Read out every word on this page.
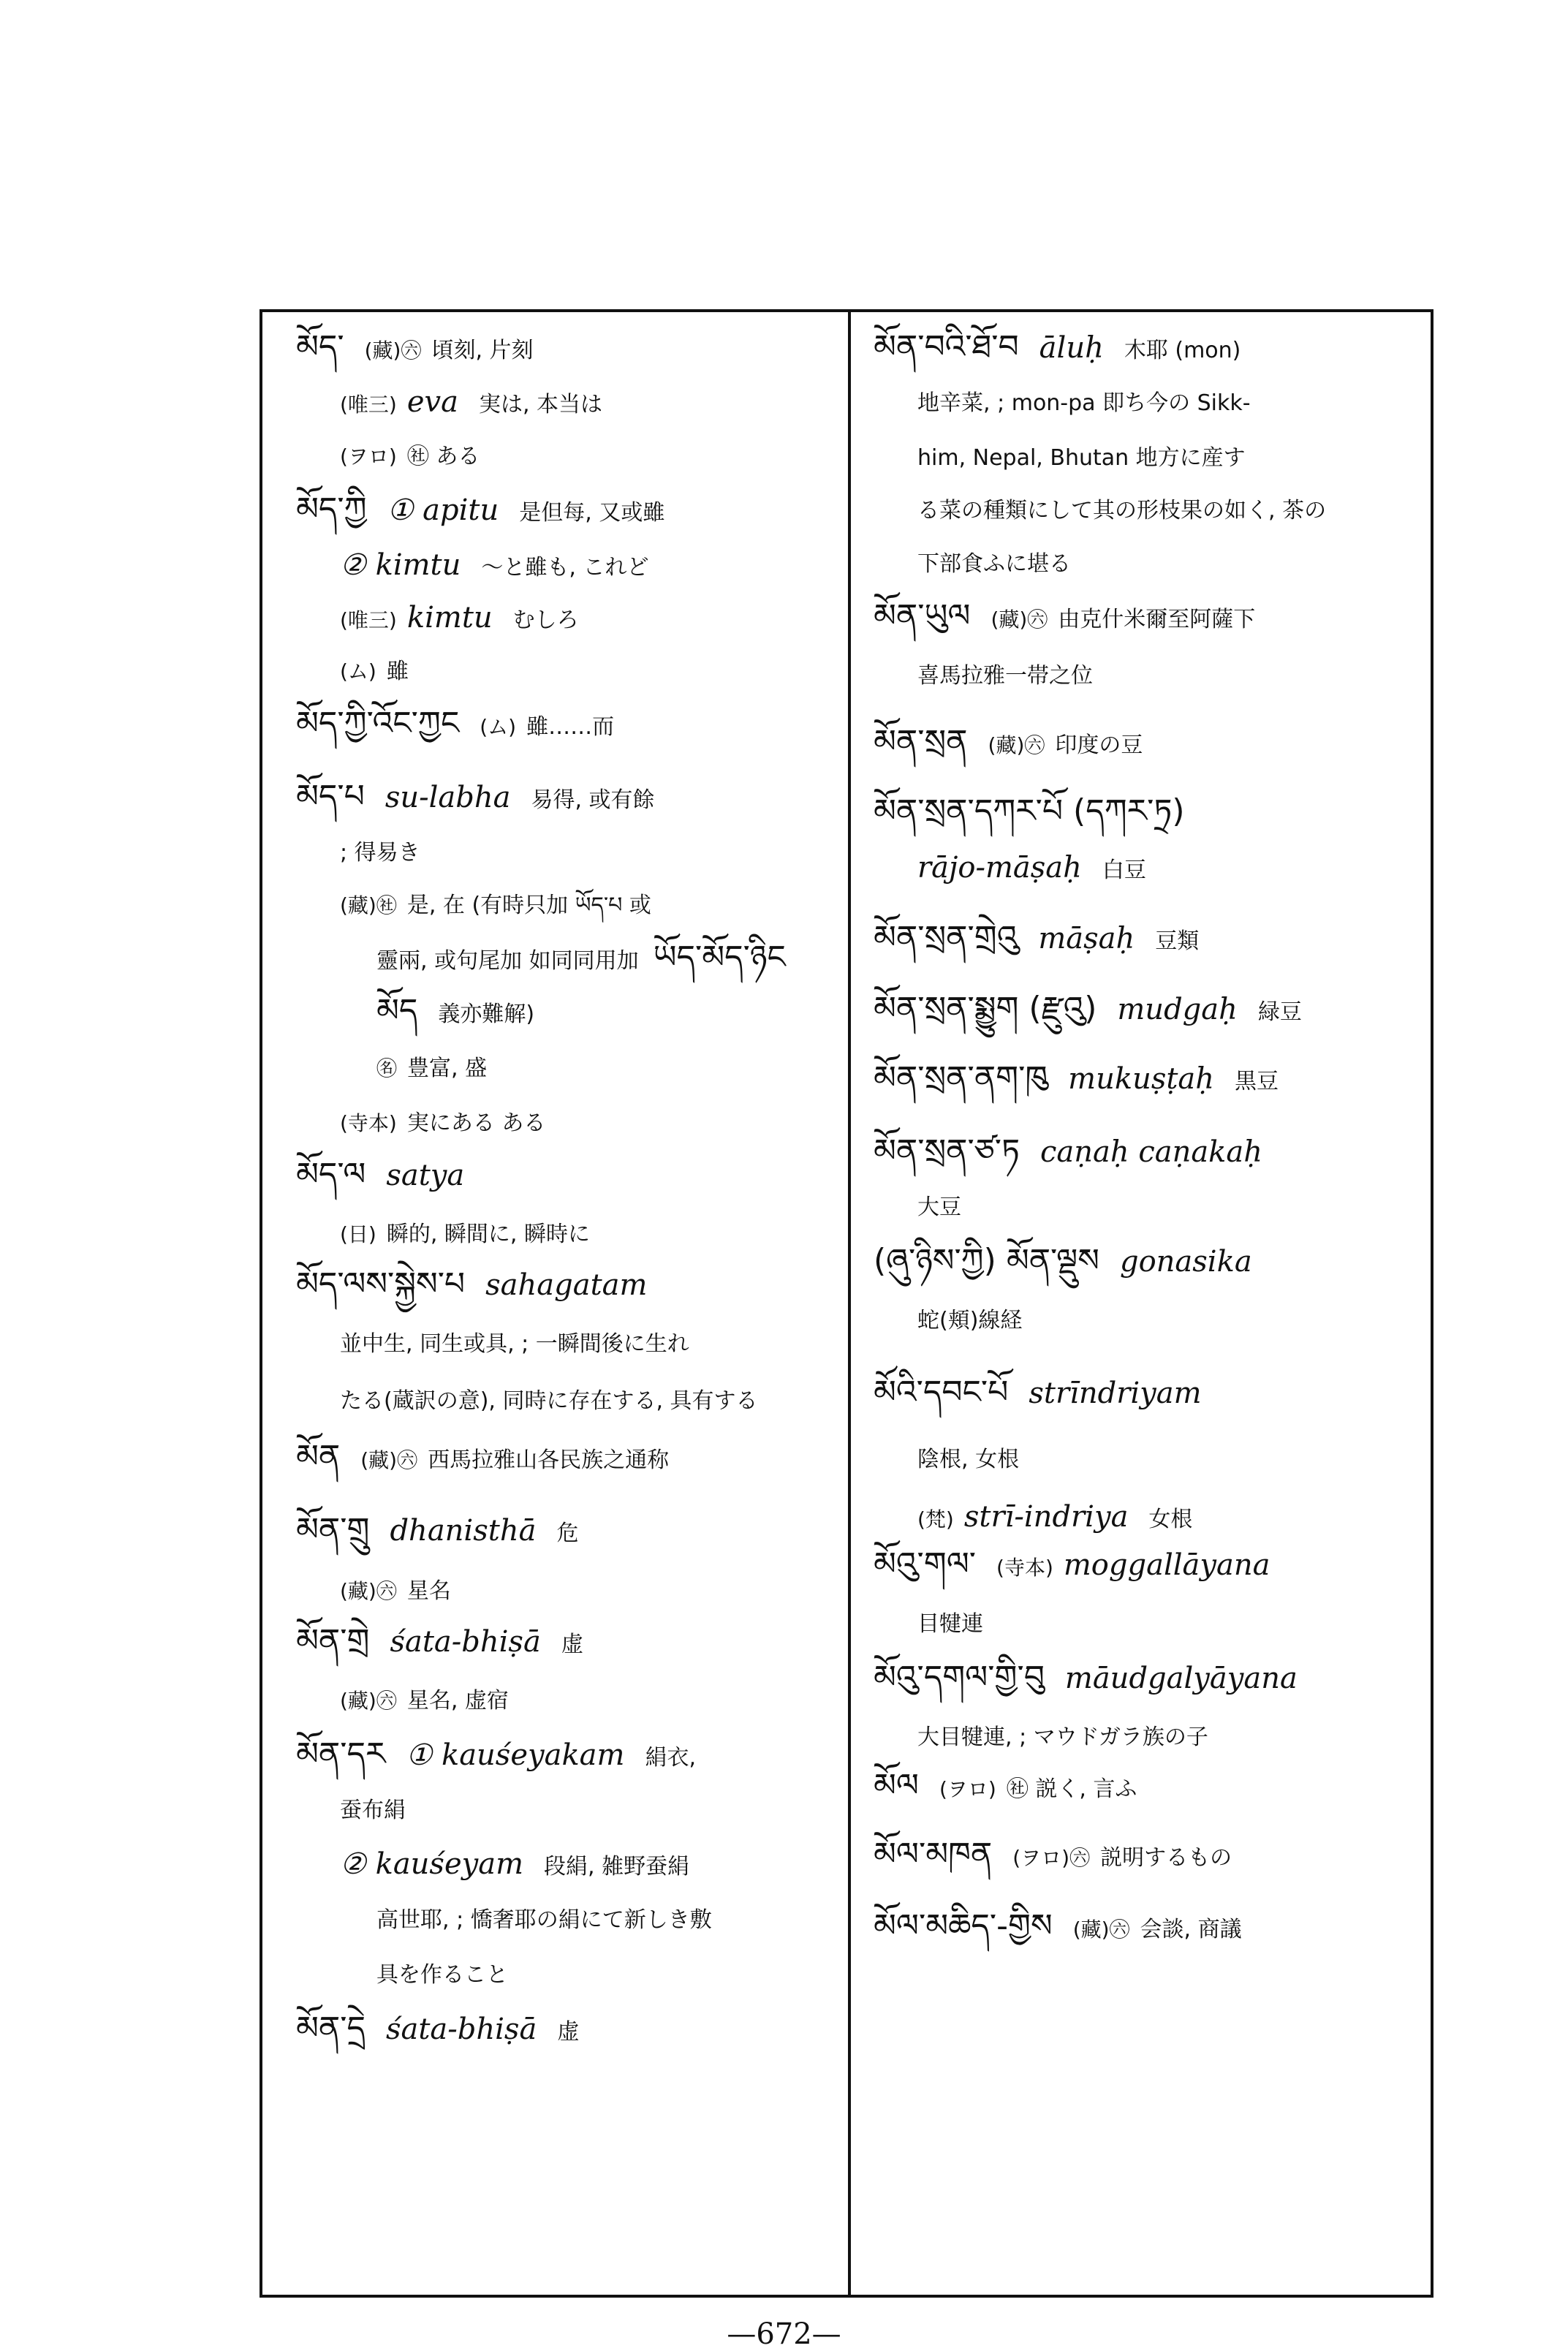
མོད་ (藏)㊅ 頃刻, 片刻
(唯三) eva 実は, 本当は
(ヲロ) ㊓ ある
མོད་ཀྱི ① apitu 是但每, 又或雖
② kimtu ～と雖も, これど
(唯三) kimtu むしろ
(ム) 雖
མོད་ཀྱི་འོང་ཀྱང (ム) 雖……而
མོད་པ su-labha 易得, 或有餘
; 得易き
(藏)㊓ 是, 在 (有時只加 ཡོད་པ 或
靈兩, 或句尾加 如同同用加 ཡོད་མོད་ཉིང
མོད 義亦難解)
㊔ 豊富, 盛
(寺本) 実にある ある
མོད་ལ satya
(日) 瞬的, 瞬間に, 瞬時に
མོད་ལས་སྐྱེས་པ sahagatam
並中生, 同生或具, ; 一瞬間後に生れ
たる(蔵訳の意), 同時に存在する, 具有する
མོན (藏)㊅ 西馬拉雅山各民族之通称
མོན་གྲུ dhanisthā 危
(藏)㊅ 星名
མོན་གྲེ śata-bhiṣā 虚
(藏)㊅ 星名, 虚宿
མོན་དར ① kauśeyakam 絹衣,
蚕布絹
② kauśeyam 段絹, 雑野蚕絹
高世耶, ; 憍奢耶の絹にて新しき敷
具を作ること
མོན་དྲེ śata-bhiṣā 虚
མོན་བའི་ཐོ་བ āluḥ 木耶 (mon)
地辛菜, ; mon-pa 即ち今の Sikk-
him, Nepal, Bhutan 地方に産す
る菜の種類にして其の形枝果の如く, 茶の
下部食ふに堪る
མོན་ཡུལ (藏)㊅ 由克什米爾至阿薩下
喜馬拉雅一帯之位
མོན་སྲན (藏)㊅ 印度の豆
མོན་སྲན་དཀར་པོ (དཀར་ཏྲ)
rājo-māṣaḥ 白豆
མོན་སྲན་གྲེའུ māṣaḥ 豆類
མོན་སྲན་སྨྱུག (རྫུའུ) mudgaḥ 緑豆
མོན་སྲན་ནག་ཁུ mukuṣṭaḥ 黒豆
མོན་སྲན་ཙ་ཏ caṇaḥ caṇakaḥ
大豆
(ཞུ་ཉིས་ཀྱི) མོན་ལྡུས gonasika
蛇(頬)線経
མོའི་དབང་པོ strīndriyam
陰根, 女根
(梵) strī-indriya 女根
མོའུ་གལ་ (寺本) moggallāyana
目犍連
མོའུ་དགལ་གྱི་བུ māudgalyāyana
大目犍連, ; マウドガラ族の子
མོལ (ヲロ) ㊓ 説く, 言ふ
མོལ་མཁན (ヲロ)㊅ 説明するもの
མོལ་མཆིད་-གྱིས (藏)㊅ 会談, 商議
—672—
